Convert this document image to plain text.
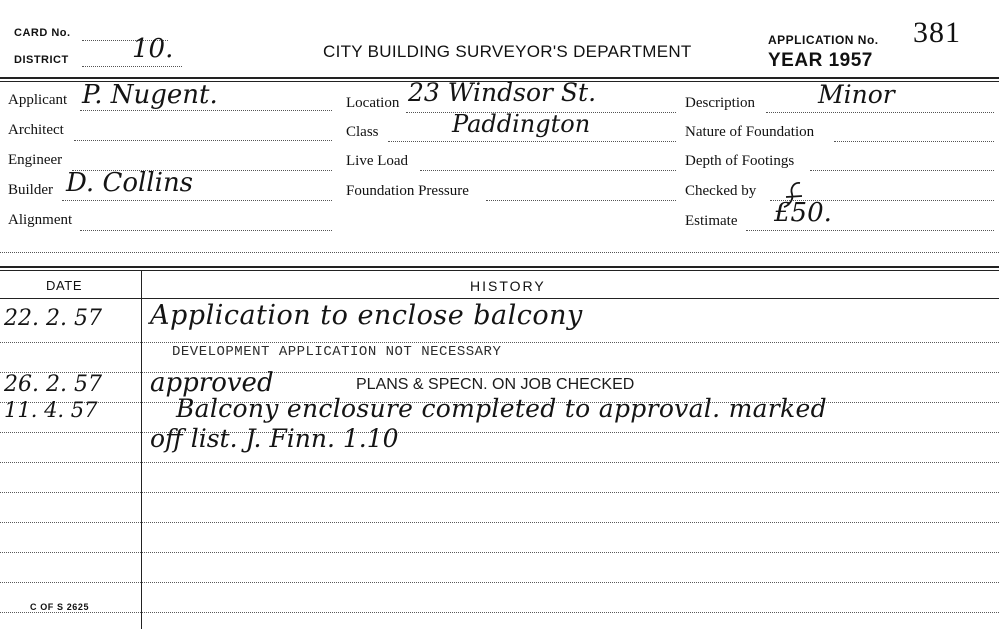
CARD No.
DISTRICT 10.	CITY BUILDING SURVEYOR'S DEPARTMENT
APPLICATION No. 381
YEAR 1957
Applicant P. Nugent.
Architect
Engineer
Builder D. Collins
Alignment
Location 23 Windsor St.
Class	Paddington
Live Load
Foundation Pressure
Description	Minor
Nature of Foundation
Depth of Footings
Checked by
Estimate £50.
DATE	HISTORY
22. 2. 57 Application to enclose balcony
DEVELOPMENT APPLICATION NOT NECESSARY
26. 2. 57 approved	PLANS & SPECN. ON JOB CHECKED
11. 4. 57	Balcony enclosure completed to approval. marked
off list. J. Finn. 1.10
C OF S 2625
